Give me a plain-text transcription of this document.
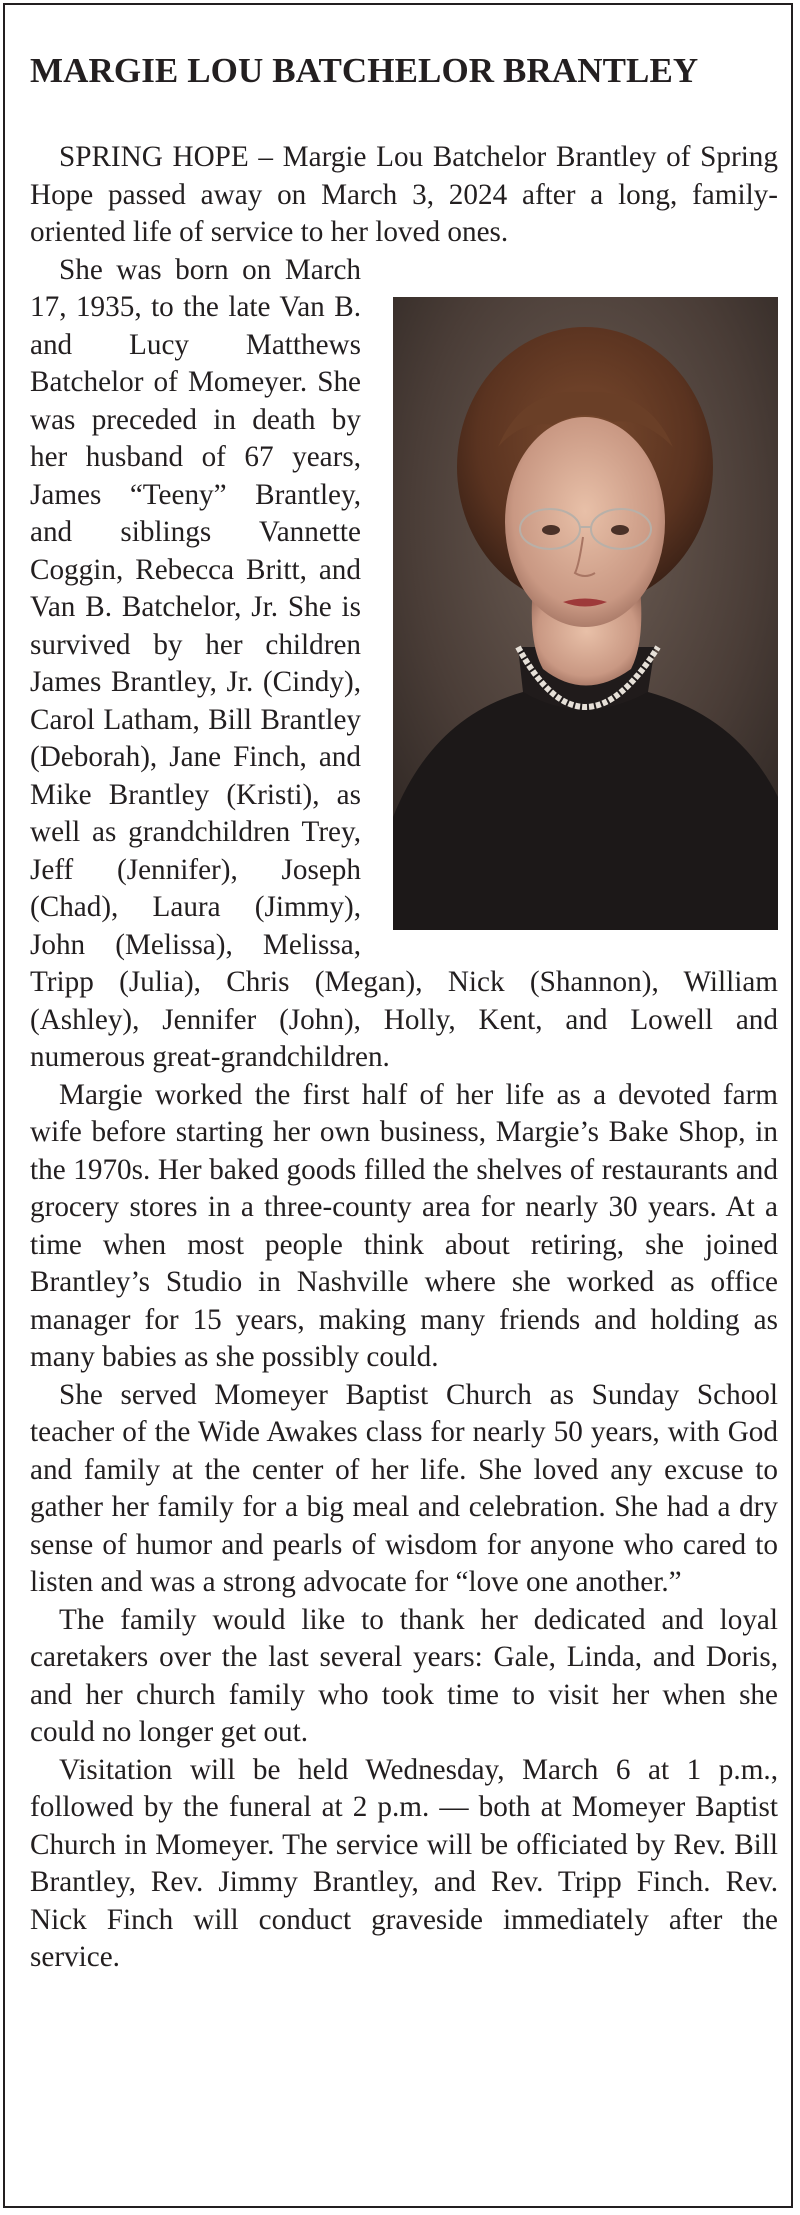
MARGIE LOU BATCHELOR BRANTLEY

SPRING HOPE – Margie Lou Batchelor Brantley of Spring Hope passed away on March 3, 2024 after a long, family-oriented life of service to her loved ones.

She was born on March 17, 1935, to the late Van B. and Lucy Matthews Batchelor of Momeyer. She was preceded in death by her husband of 67 years, James “Teeny” Brantley, and siblings Vannette Coggin, Rebecca Britt, and Van B. Batchelor, Jr. She is survived by her children James Brantley, Jr. (Cindy), Carol Latham, Bill Brantley (Deborah), Jane Finch, and Mike Brantley (Kristi), as well as grandchildren Trey, Jeff (Jennifer), Joseph (Chad), Laura (Jimmy), John (Melissa), Melissa, Tripp (Julia), Chris (Megan), Nick (Shannon), William (Ashley), Jennifer (John), Holly, Kent, and Lowell and numerous great-grandchildren.

Margie worked the first half of her life as a devoted farm wife before starting her own business, Margie’s Bake Shop, in the 1970s. Her baked goods filled the shelves of restaurants and grocery stores in a three-county area for nearly 30 years. At a time when most people think about retiring, she joined Brantley’s Studio in Nashville where she worked as office manager for 15 years, making many friends and holding as many babies as she possibly could.

She served Momeyer Baptist Church as Sunday School teacher of the Wide Awakes class for nearly 50 years, with God and family at the center of her life. She loved any excuse to gather her family for a big meal and celebration. She had a dry sense of humor and pearls of wisdom for anyone who cared to listen and was a strong advocate for “love one another.”

The family would like to thank her dedicated and loyal caretakers over the last several years: Gale, Linda, and Doris, and her church family who took time to visit her when she could no longer get out.

Visitation will be held Wednesday, March 6 at 1 p.m., followed by the funeral at 2 p.m. — both at Momeyer Baptist Church in Momeyer. The service will be officiated by Rev. Bill Brantley, Rev. Jimmy Brantley, and Rev. Tripp Finch. Rev. Nick Finch will conduct graveside immediately after the service.
